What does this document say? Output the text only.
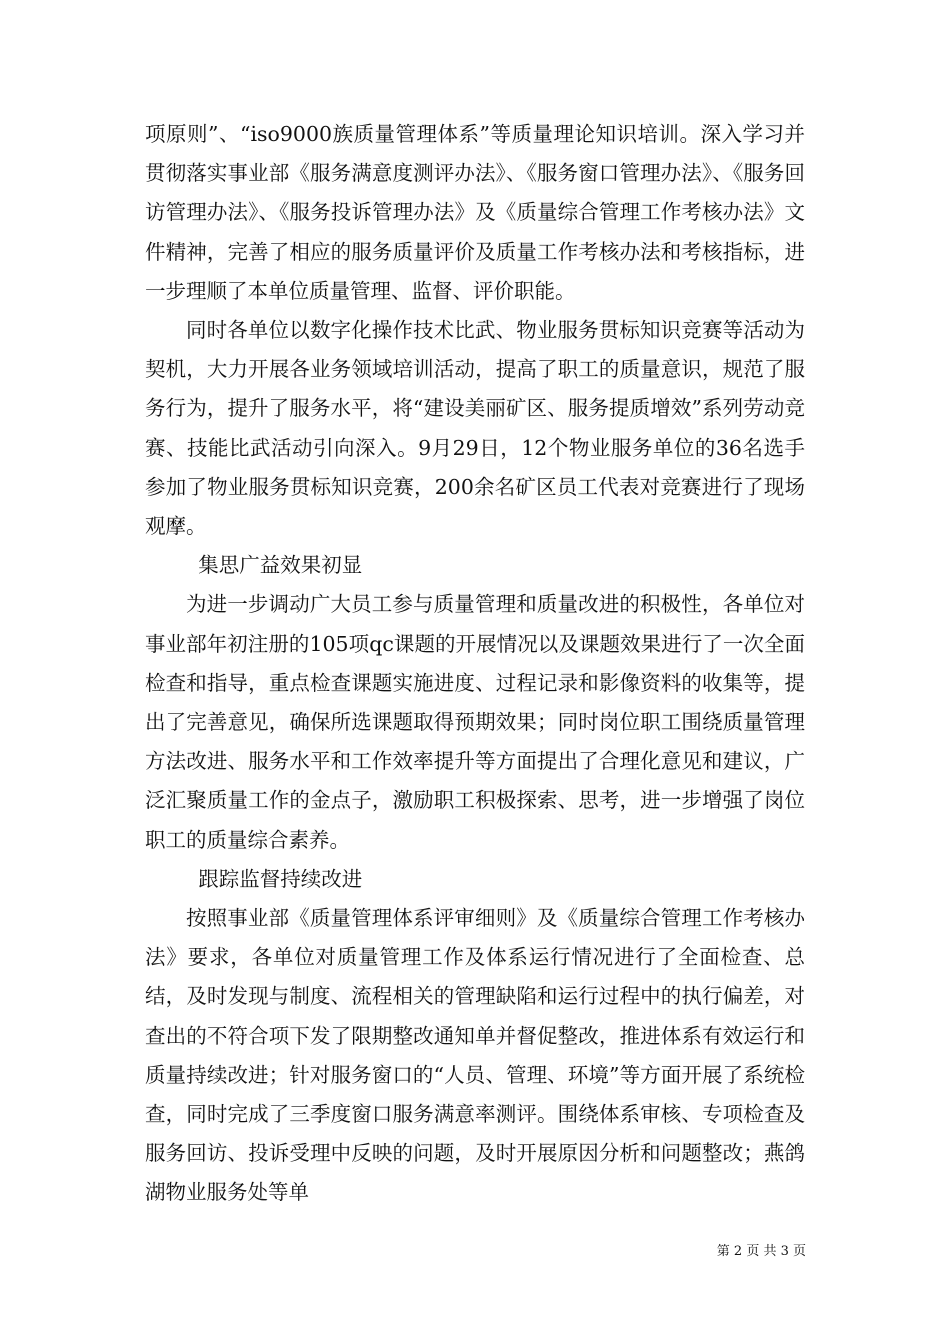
项原则”、“iso9000族质量管理体系”等质量理论知识培训。深入学习并贯彻落实事业部《服务满意度测评办法》、《服务窗口管理办法》、《服务回访管理办法》、《服务投诉管理办法》及《质量综合管理工作考核办法》文件精神，完善了相应的服务质量评价及质量工作考核办法和考核指标，进一步理顺了本单位质量管理、监督、评价职能。

同时各单位以数字化操作技术比武、物业服务贯标知识竞赛等活动为契机，大力开展各业务领域培训活动，提高了职工的质量意识，规范了服务行为，提升了服务水平，将“建设美丽矿区、服务提质增效”系列劳动竞赛、技能比武活动引向深入。9月29日，12个物业服务单位的36名选手参加了物业服务贯标知识竞赛，200余名矿区员工代表对竞赛进行了现场观摩。

集思广益效果初显

为进一步调动广大员工参与质量管理和质量改进的积极性，各单位对事业部年初注册的105项qc课题的开展情况以及课题效果进行了一次全面检查和指导，重点检查课题实施进度、过程记录和影像资料的收集等，提出了完善意见，确保所选课题取得预期效果；同时岗位职工围绕质量管理方法改进、服务水平和工作效率提升等方面提出了合理化意见和建议，广泛汇聚质量工作的金点子，激励职工积极探索、思考，进一步增强了岗位职工的质量综合素养。

跟踪监督持续改进

按照事业部《质量管理体系评审细则》及《质量综合管理工作考核办法》要求，各单位对质量管理工作及体系运行情况进行了全面检查、总结，及时发现与制度、流程相关的管理缺陷和运行过程中的执行偏差，对查出的不符合项下发了限期整改通知单并督促整改，推进体系有效运行和质量持续改进；针对服务窗口的“人员、管理、环境”等方面开展了系统检查，同时完成了三季度窗口服务满意率测评。围绕体系审核、专项检查及服务回访、投诉受理中反映的问题，及时开展原因分析和问题整改；燕鸽湖物业服务处等单

第 2 页 共 3 页
